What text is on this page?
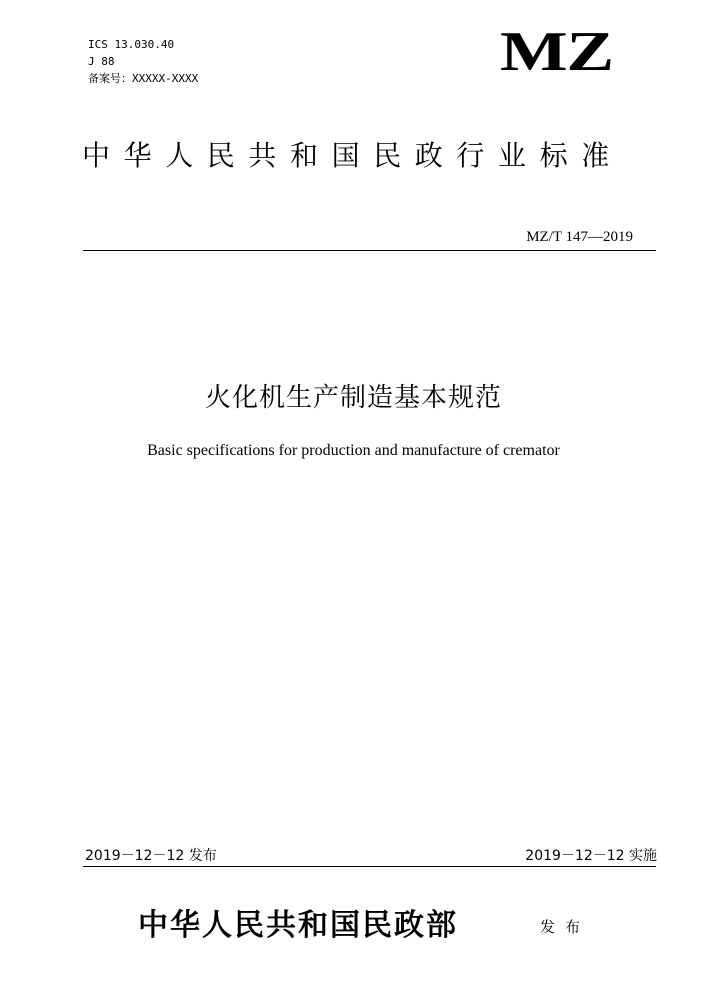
ICS 13.030.40
J 88
备案号：XXXXX-XXXX	MZ
中华人民共和国民政行业标准
MZ/T 147—2019
火化机生产制造基本规范
Basic specifications for production and manufacture of cremator
2019－12－12 发布	2019－12－12 实施
中华人民共和国民政部	发布
